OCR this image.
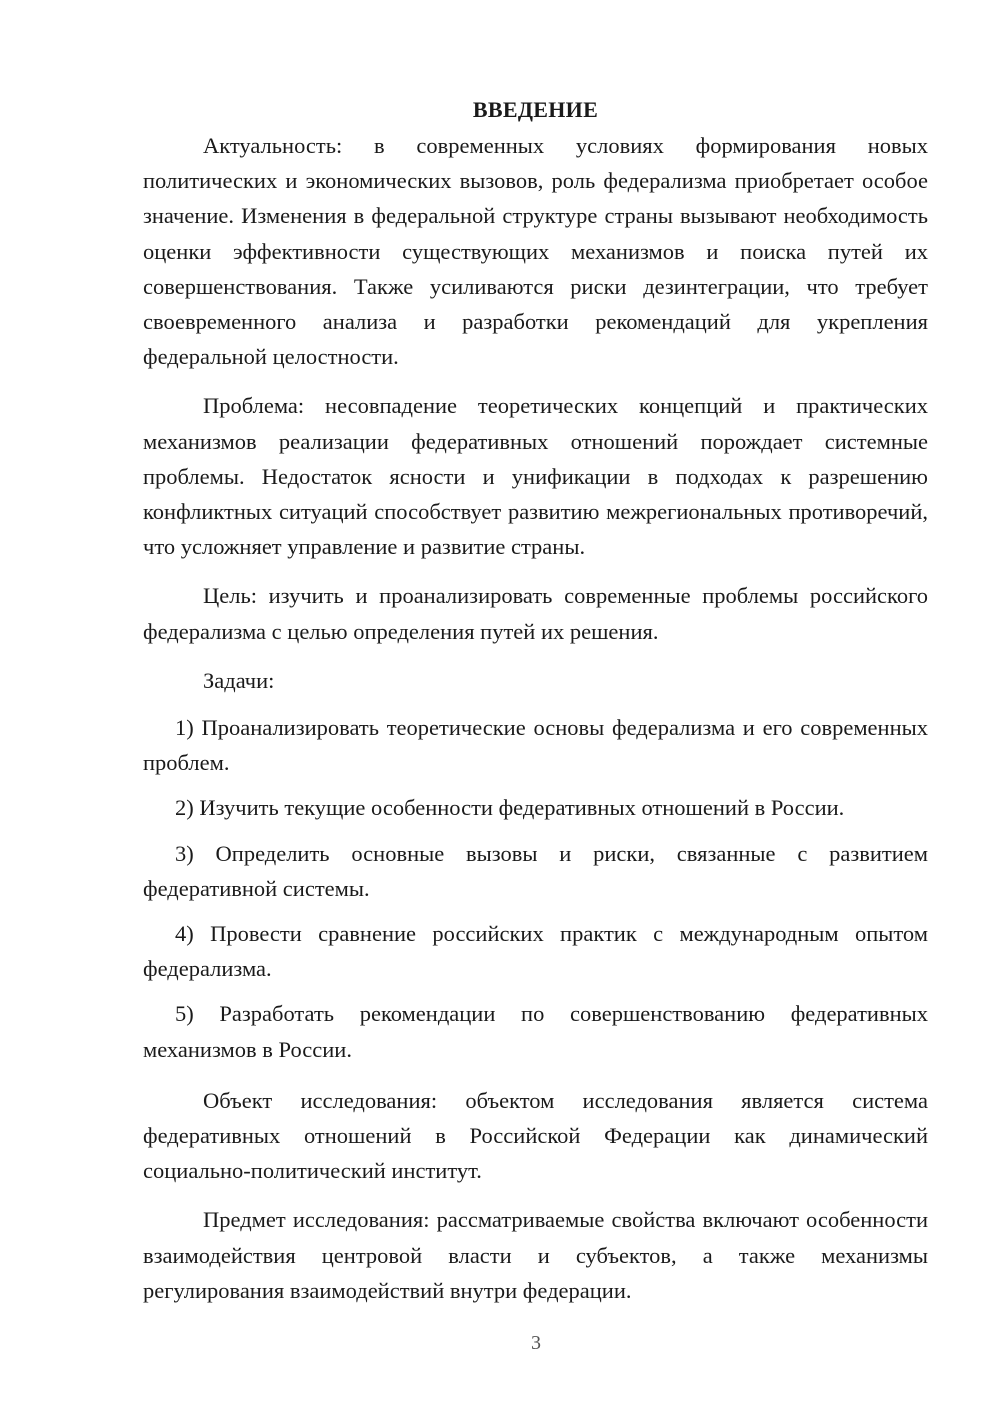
ВВЕДЕНИЕ

Актуальность: в современных условиях формирования новых политических и экономических вызовов, роль федерализма приобретает особое значение. Изменения в федеральной структуре страны вызывают необходимость оценки эффективности существующих механизмов и поиска путей их совершенствования. Также усиливаются риски дезинтеграции, что требует своевременного анализа и разработки рекомендаций для укрепления федеральной целостности.

Проблема: несовпадение теоретических концепций и практических механизмов реализации федеративных отношений порождает системные проблемы. Недостаток ясности и унификации в подходах к разрешению конфликтных ситуаций способствует развитию межрегиональных противоречий, что усложняет управление и развитие страны.

Цель: изучить и проанализировать современные проблемы российского федерализма с целью определения путей их решения.

Задачи:

1) Проанализировать теоретические основы федерализма и его современных проблем.

2) Изучить текущие особенности федеративных отношений в России.

3) Определить основные вызовы и риски, связанные с развитием федеративной системы.

4) Провести сравнение российских практик с международным опытом федерализма.

5) Разработать рекомендации по совершенствованию федеративных механизмов в России.

Объект исследования: объектом исследования является система федеративных отношений в Российской Федерации как динамический социально-политический институт.

Предмет исследования: рассматриваемые свойства включают особенности взаимодействия центровой власти и субъектов, а также механизмы регулирования взаимодействий внутри федерации.

3
